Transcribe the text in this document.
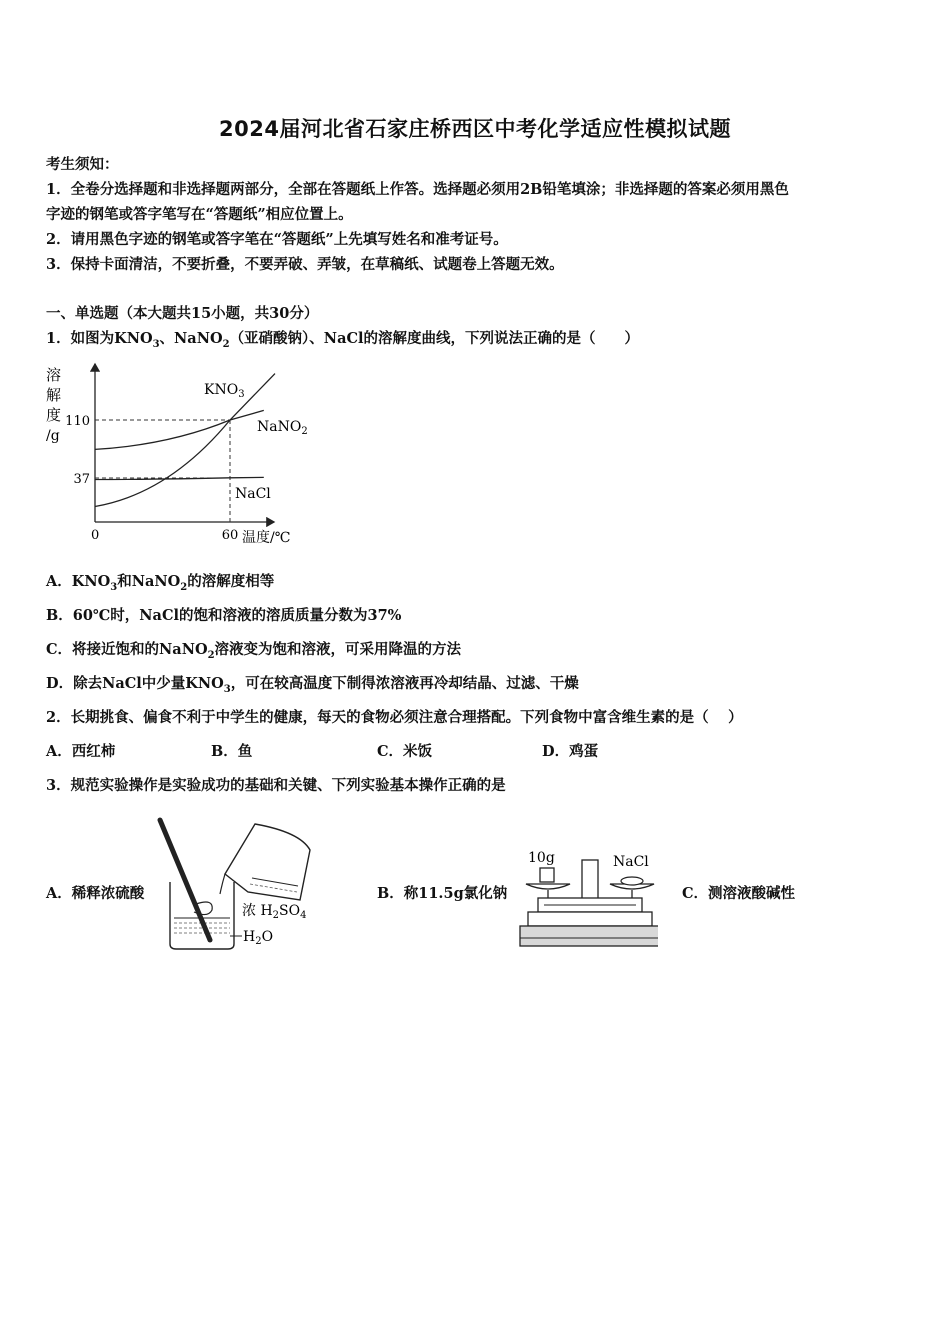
2024届河北省石家庄桥西区中考化学适应性模拟试题
考生须知：
1．全卷分选择题和非选择题两部分，全部在答题纸上作答。选择题必须用2B铅笔填涂；非选择题的答案必须用黑色
字迹的钢笔或答字笔写在“答题纸”相应位置上。
2．请用黑色字迹的钢笔或答字笔在“答题纸”上先填写姓名和准考证号。
3．保持卡面清洁，不要折叠，不要弄破、弄皱，在草稿纸、试题卷上答题无效。
一、单选题（本大题共15小题，共30分）
1．如图为$KNO_3$、NaNO$_2$（亚硝酸钠）、NaCl的溶解度曲线，下列说法正确的是（　　）
溶
解
度
/g
110
37
0	60 温度/℃
$KNO_3$
NaNO$_2$
NaCl
A．$KNO_3$和NaNO$_2$的溶解度相等
B．60℃时，NaCl的饱和溶液的溶质质量分数为37%
C．将接近饱和的NaNO$_2$溶液变为饱和溶液，可采用降温的方法
D．除去NaCl中少量$KNO_3$，可在较高温度下制得浓溶液再冷却结晶、过滤、干燥
2．长期挑食、偏食不利于中学生的健康，每天的食物必须注意合理搭配。下列食物中富含维生素的是（　 ）
A．西红柿	B．鱼	C．米饭	D．鸡蛋
3．规范实验操作是实验成功的基础和关键、下列实验基本操作正确的是
A．稀释浓硫酸
浓 $H_2SO_4$
$H_2O$
B．称11.5g氯化钠
10g	NaCl
C．测溶液酸碱性
